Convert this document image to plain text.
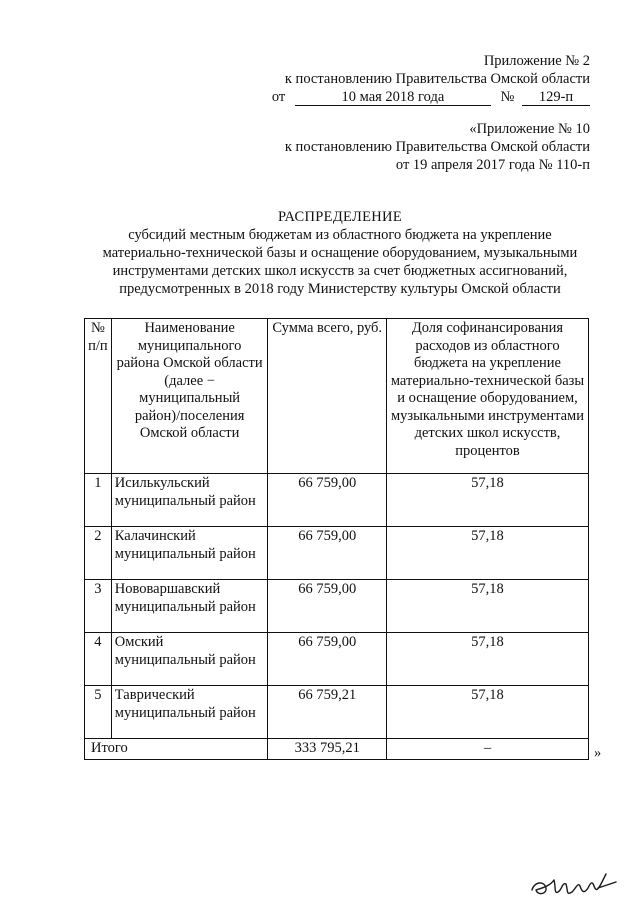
Приложение № 2
к постановлению Правительства Омской области
от	10 мая 2018 года	№ 129-п
«Приложение № 10
к постановлению Правительства Омской области
от 19 апреля 2017 года № 110-п
РАСПРЕДЕЛЕНИЕ
субсидий местным бюджетам из областного бюджета на укрепление
материально-технической базы и оснащение оборудованием, музыкальными
инструментами детских школ искусств за счет бюджетных ассигнований,
предусмотренных в 2018 году Министерству культуры Омской области
№ п/п	Наименование муниципального района Омской области (далее − муниципальный район)/поселения Омской области	Сумма всего, руб.	Доля софинансирования расходов из областного бюджета на укрепление материально-технической базы и оснащение оборудованием, музыкальными инструментами детских школ искусств, процентов
1	Исилькульский муниципальный район	66 759,00	57,18
2	Калачинский муниципальный район	66 759,00	57,18
3	Нововаршавский муниципальный район	66 759,00	57,18
4	Омский муниципальный район	66 759,00	57,18
5	Таврический муниципальный район	66 759,21	57,18
Итого		333 795,21	–	»
